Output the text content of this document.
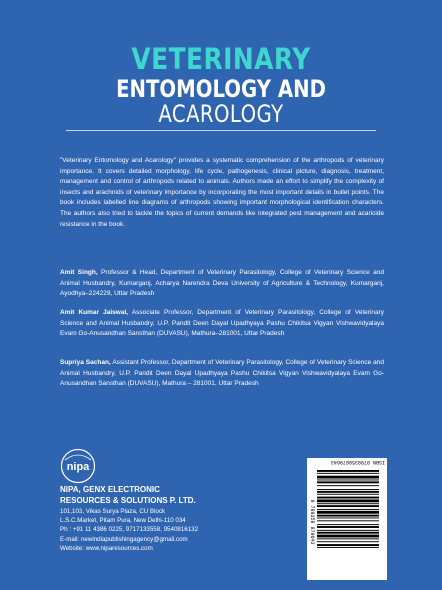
VETERINARY
ENTOMOLOGY AND
ACAROLOGY
"Veterinary Entomology and Acarology" provides a systematic comprehension of the arthropods of veterinary importance. It covers detailed morphology, life cycle, pathogenesis, clinical picture, diagnosis, treatment, management and control of arthropods related to animals. Authors made an effort to simplify the complexity of insects and arachnids of veterinary importance by incorporating the most important details in bullet points. The book includes labelled line diagrams of arthropods showing important morphological identification characters. The authors also tried to tackle the topics of current demands like integrated pest management and acaricide resistance in the book.
Amit Singh, Professor & Head, Department of Veterinary Parasitology, College of Veterinary Science and Animal Husbandry, Kumarganj, Acharya Narendra Deva University of Agriculture & Technology, Kumarganj, Ayodhya–224229, Uttar Pradesh
Amit Kumar Jaiswal, Associate Professor, Department of Veterinary Parasitology, College of Veterinary Science and Animal Husbandry, U.P. Pandit Deen Dayal Upadhyaya Pashu Chikitsa Vigyan Vishwavidyalaya Evam Go-Anusandhan Sansthan (DUVASU), Mathura–281001, Uttar Pradesh
Supriya Sachan, Assistant Professor, Department of Veterinary Parasitology, College of Veterinary Science and Animal Husbandry, U.P. Pandit Deen Dayal Upadhyaya Pashu Chikitsa Vigyan Vishwavidyalaya Evam Go-Anusandhan Sansthan (DUVASU), Mathura – 281001, Uttar Pradesh
nipa
NIPA, GENX ELECTRONIC
RESOURCES & SOLUTIONS P. LTD.
101,103, Vikas Surya Plaza, CU Block
L.S.C.Market, Pitam Pura, New Delhi-110 034
Ph : +91 11 4386 0225, 9717133558, 9540816132
E-mail: newindiapublishingagency@gmail.com
Website: www.niparesources.com
ISBN 9789358879643
9 789358 879643
